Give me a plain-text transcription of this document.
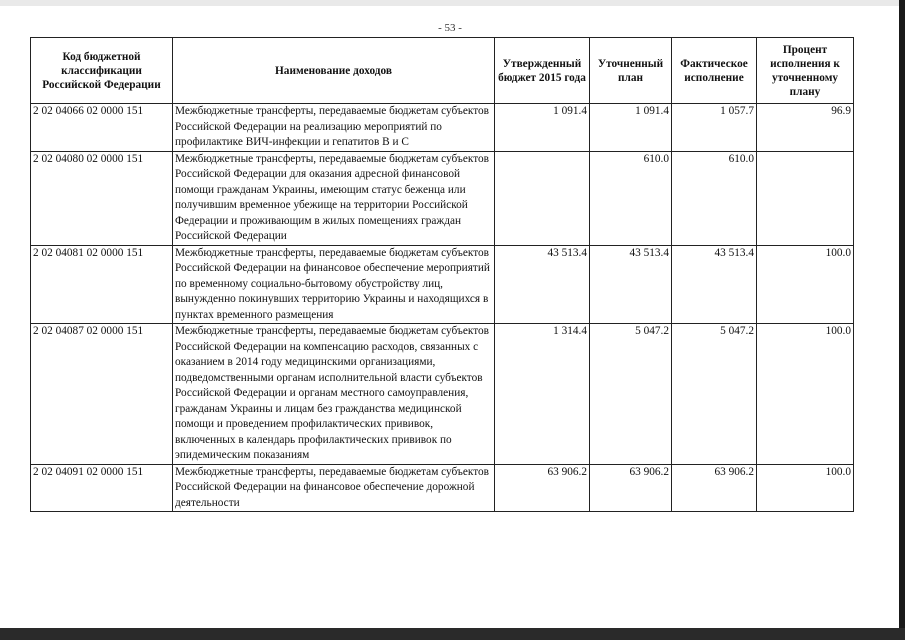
- 53 -
Код бюджетной классификации Российской Федерации	Наименование доходов	Утвержденный бюджет 2015 года	Уточненный план	Фактическое исполнение	Процент исполнения к уточненному плану
2 02 04066 02 0000 151	Межбюджетные трансферты, передаваемые бюджетам субъектов Российской Федерации на реализацию мероприятий по профилактике ВИЧ-инфекции и гепатитов В и С	1 091.4	1 091.4	1 057.7	96.9
2 02 04080 02 0000 151	Межбюджетные трансферты, передаваемые бюджетам субъектов Российской Федерации для оказания адресной финансовой помощи гражданам Украины, имеющим статус беженца или получившим временное убежище на территории Российской Федерации и проживающим в жилых помещениях граждан Российской Федерации		610.0	610.0	
2 02 04081 02 0000 151	Межбюджетные трансферты, передаваемые бюджетам субъектов Российской Федерации на финансовое обеспечение мероприятий по временному социально-бытовому обустройству лиц, вынужденно покинувших территорию Украины и находящихся в пунктах временного размещения	43 513.4	43 513.4	43 513.4	100.0
2 02 04087 02 0000 151	Межбюджетные трансферты, передаваемые бюджетам субъектов Российской Федерации на компенсацию расходов, связанных с оказанием в 2014 году медицинскими организациями, подведомственными органам исполнительной власти субъектов Российской Федерации и органам местного самоуправления, гражданам Украины и лицам без гражданства медицинской помощи и проведением профилактических прививок, включенных в календарь профилактических прививок по эпидемическим показаниям	1 314.4	5 047.2	5 047.2	100.0
2 02 04091 02 0000 151	Межбюджетные трансферты, передаваемые бюджетам субъектов Российской Федерации на финансовое обеспечение дорожной деятельности	63 906.2	63 906.2	63 906.2	100.0
